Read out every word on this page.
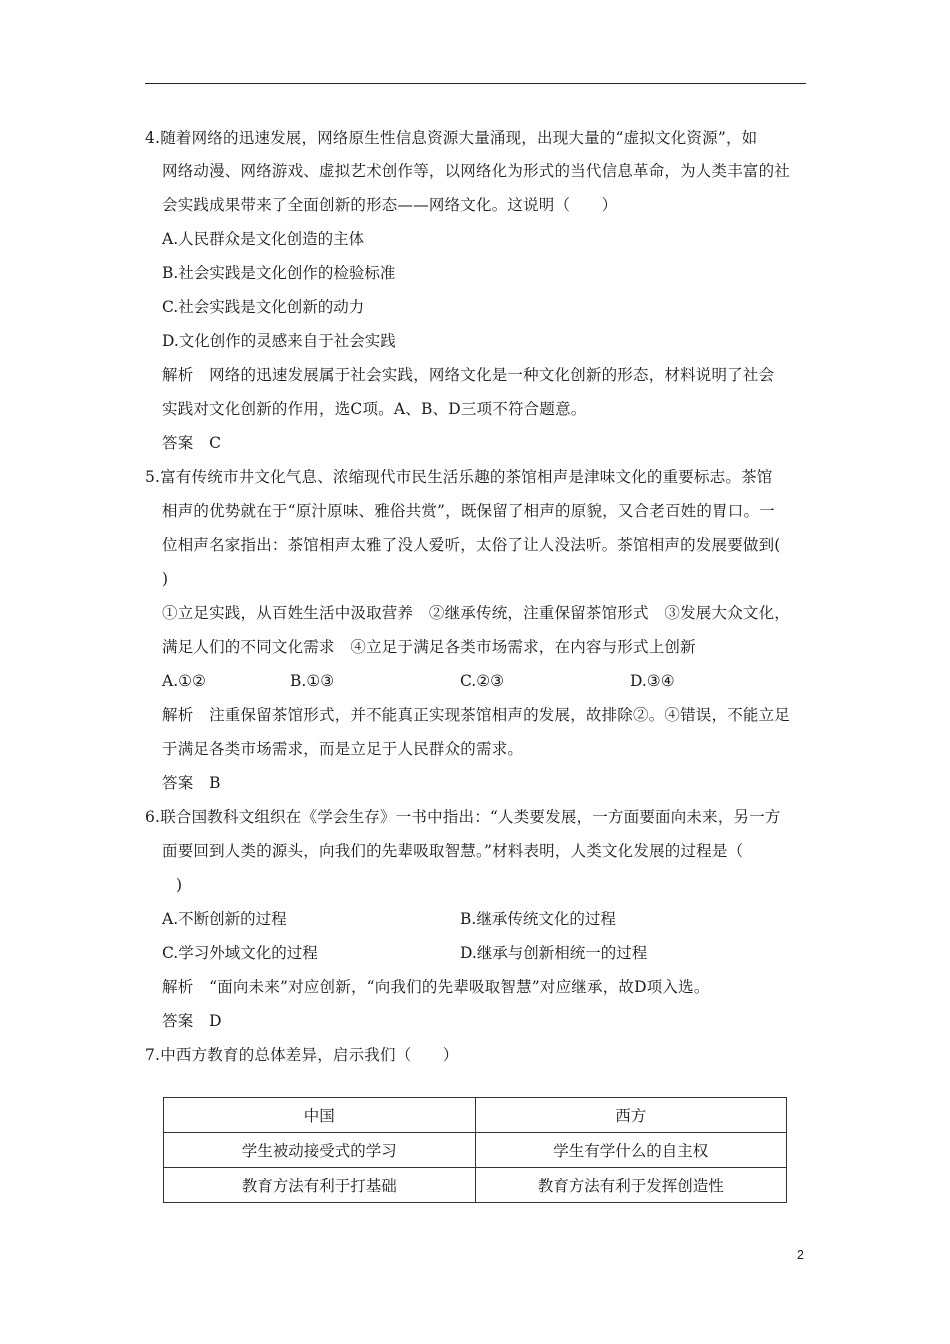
4.随着网络的迅速发展，网络原生性信息资源大量涌现，出现大量的“虚拟文化资源”，如
网络动漫、网络游戏、虚拟艺术创作等，以网络化为形式的当代信息革命，为人类丰富的社
会实践成果带来了全面创新的形态——网络文化。这说明（　　）
A.人民群众是文化创造的主体
B.社会实践是文化创作的检验标准
C.社会实践是文化创新的动力
D.文化创作的灵感来自于社会实践
解析　网络的迅速发展属于社会实践，网络文化是一种文化创新的形态，材料说明了社会
实践对文化创新的作用，选C项。A、B、D三项不符合题意。
答案　C
5.富有传统市井文化气息、浓缩现代市民生活乐趣的茶馆相声是津味文化的重要标志。茶馆
相声的优势就在于“原汁原味、雅俗共赏”，既保留了相声的原貌，又合老百姓的胃口。一
位相声名家指出：茶馆相声太雅了没人爱听，太俗了让人没法听。茶馆相声的发展要做到(
)
①立足实践，从百姓生活中汲取营养　②继承传统，注重保留茶馆形式　③发展大众文化，
满足人们的不同文化需求　④立足于满足各类市场需求，在内容与形式上创新
A.①②	B.①③	C.②③	D.③④
解析　注重保留茶馆形式，并不能真正实现茶馆相声的发展，故排除②。④错误，不能立足
于满足各类市场需求，而是立足于人民群众的需求。
答案　B
6.联合国教科文组织在《学会生存》一书中指出：“人类要发展，一方面要面向未来，另一方
面要回到人类的源头，向我们的先辈吸取智慧。”材料表明，人类文化发展的过程是（
)
A.不断创新的过程	B.继承传统文化的过程
C.学习外域文化的过程	D.继承与创新相统一的过程
解析　“面向未来”对应创新，“向我们的先辈吸取智慧”对应继承，故D项入选。
答案　D
7.中西方教育的总体差异，启示我们（　　）
中国	西方
学生被动接受式的学习	学生有学什么的自主权
教育方法有利于打基础	教育方法有利于发挥创造性
2
